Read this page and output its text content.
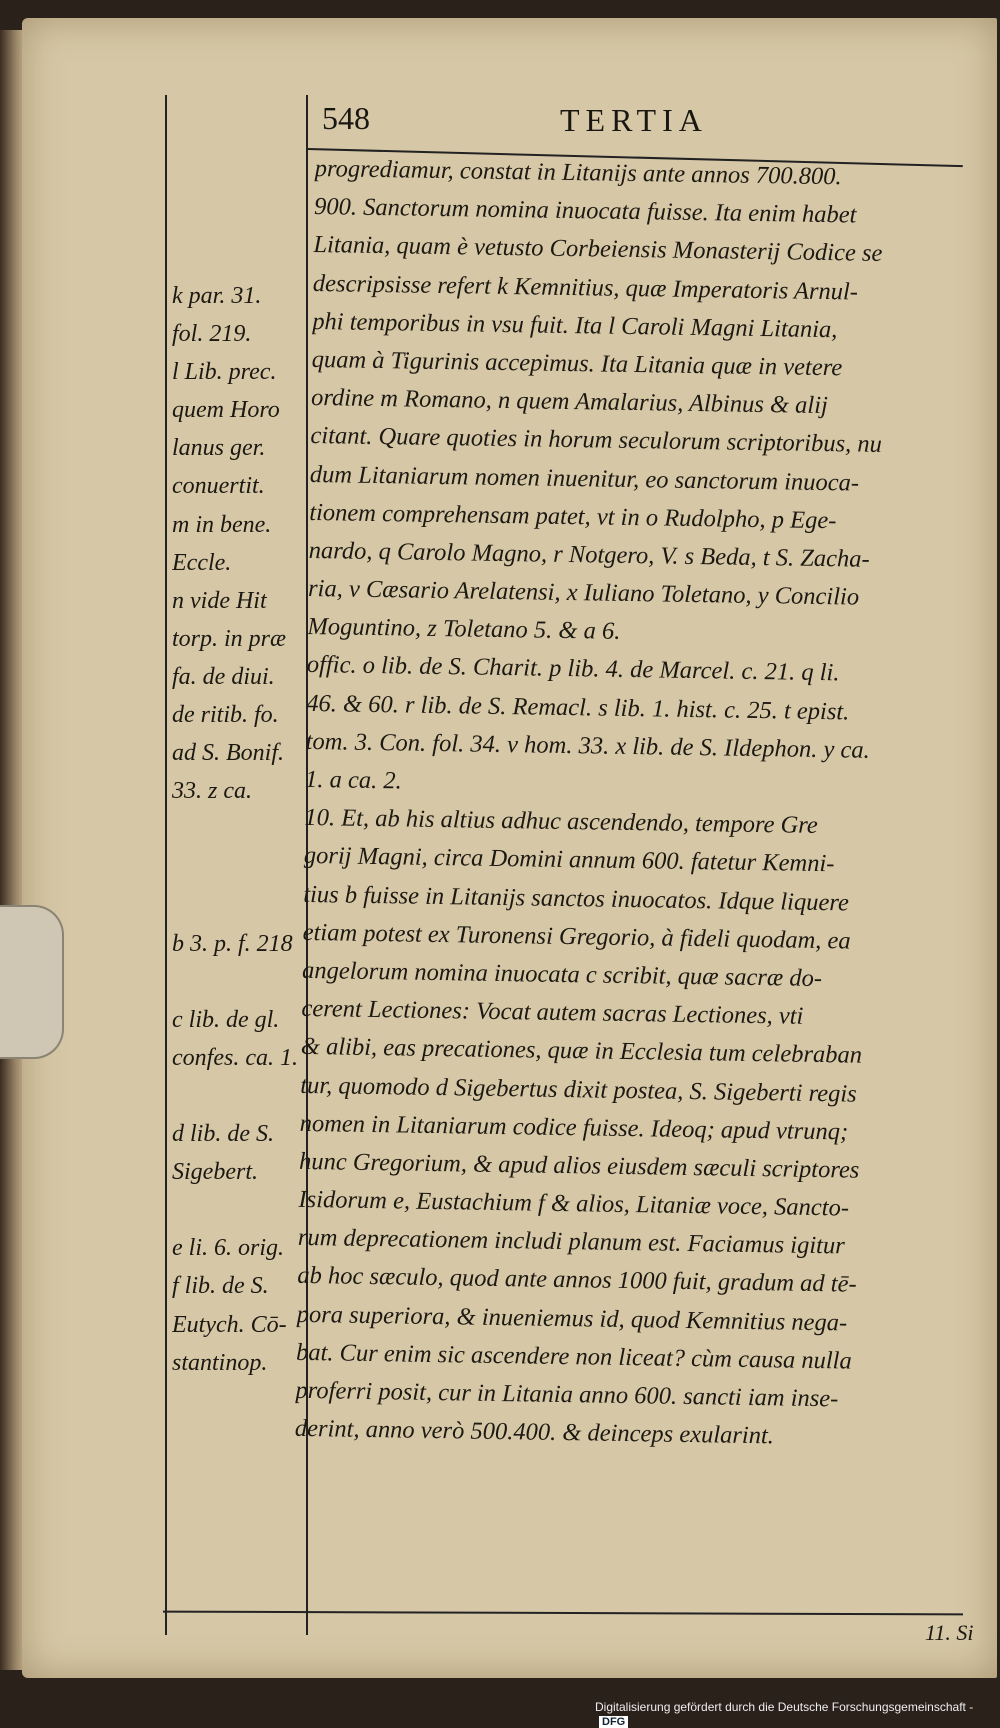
548	TERTIA
progrediamur, constat in Litanijs ante annos 700.800.
900. Sanctorum nomina inuocata fuisse. Ita enim habet
Litania, quam è vetusto Corbeiensis Monasterij Codice se
descripsisse refert k Kemnitius, quæ Imperatoris Arnul-
phi temporibus in vsu fuit. Ita l Caroli Magni Litania,
quam à Tigurinis accepimus. Ita Litania quæ in vetere
ordine m Romano, n quem Amalarius, Albinus & alij
citant. Quare quoties in horum seculorum scriptoribus, nu
dum Litaniarum nomen inuenitur, eo sanctorum inuoca-
tionem comprehensam patet, vt in o Rudolpho, p Ege-
nardo, q Carolo Magno, r Notgero, V. s Beda, t S. Zacha-
ria, v Cæsario Arelatensi, x Iuliano Toletano, y Concilio
Moguntino, z Toletano 5. & a 6.
offic. o lib. de S. Charit. p lib. 4. de Marcel. c. 21. q li.
46. & 60. r lib. de S. Remacl. s lib. 1. hist. c. 25. t epist.
tom. 3. Con. fol. 34. v hom. 33. x lib. de S. Ildephon. y ca.
1. a ca. 2.
10. Et, ab his altius adhuc ascendendo, tempore Gre
gorij Magni, circa Domini annum 600. fatetur Kemni-
tius b fuisse in Litanijs sanctos inuocatos. Idque liquere
etiam potest ex Turonensi Gregorio, à fideli quodam, ea
angelorum nomina inuocata c scribit, quæ sacræ do-
cerent Lectiones: Vocat autem sacras Lectiones, vti
& alibi, eas precationes, quæ in Ecclesia tum celebraban
tur, quomodo d Sigebertus dixit postea, S. Sigeberti regis
nomen in Litaniarum codice fuisse. Ideoq; apud vtrunq;
hunc Gregorium, & apud alios eiusdem sæculi scriptores
Isidorum e, Eustachium f & alios, Litaniæ voce, Sancto-
rum deprecationem includi planum est. Faciamus igitur
ab hoc sæculo, quod ante annos 1000 fuit, gradum ad tē-
pora superiora, & inueniemus id, quod Kemnitius nega-
bat. Cur enim sic ascendere non liceat? cùm causa nulla
proferri posit, cur in Litania anno 600. sancti iam inse-
derint, anno verò 500.400. & deinceps exularint.
k par. 31.
fol. 219.
l Lib. prec.
quem Horo
lanus ger.
conuertit.
m in bene.
Eccle.
n vide Hit
torp. in præ
fa. de diui.
de ritib. fo.
ad S. Bonif.
33. z ca.
b 3. p. f. 218
c lib. de gl.
confes. ca. 1.
d lib. de S.
Sigebert.
e li. 6. orig.
f lib. de S.
Eutych. Cō-
stantinop.
11. Si
Digitalisierung gefördert durch die Deutsche Forschungsgemeinschaft -DFG
